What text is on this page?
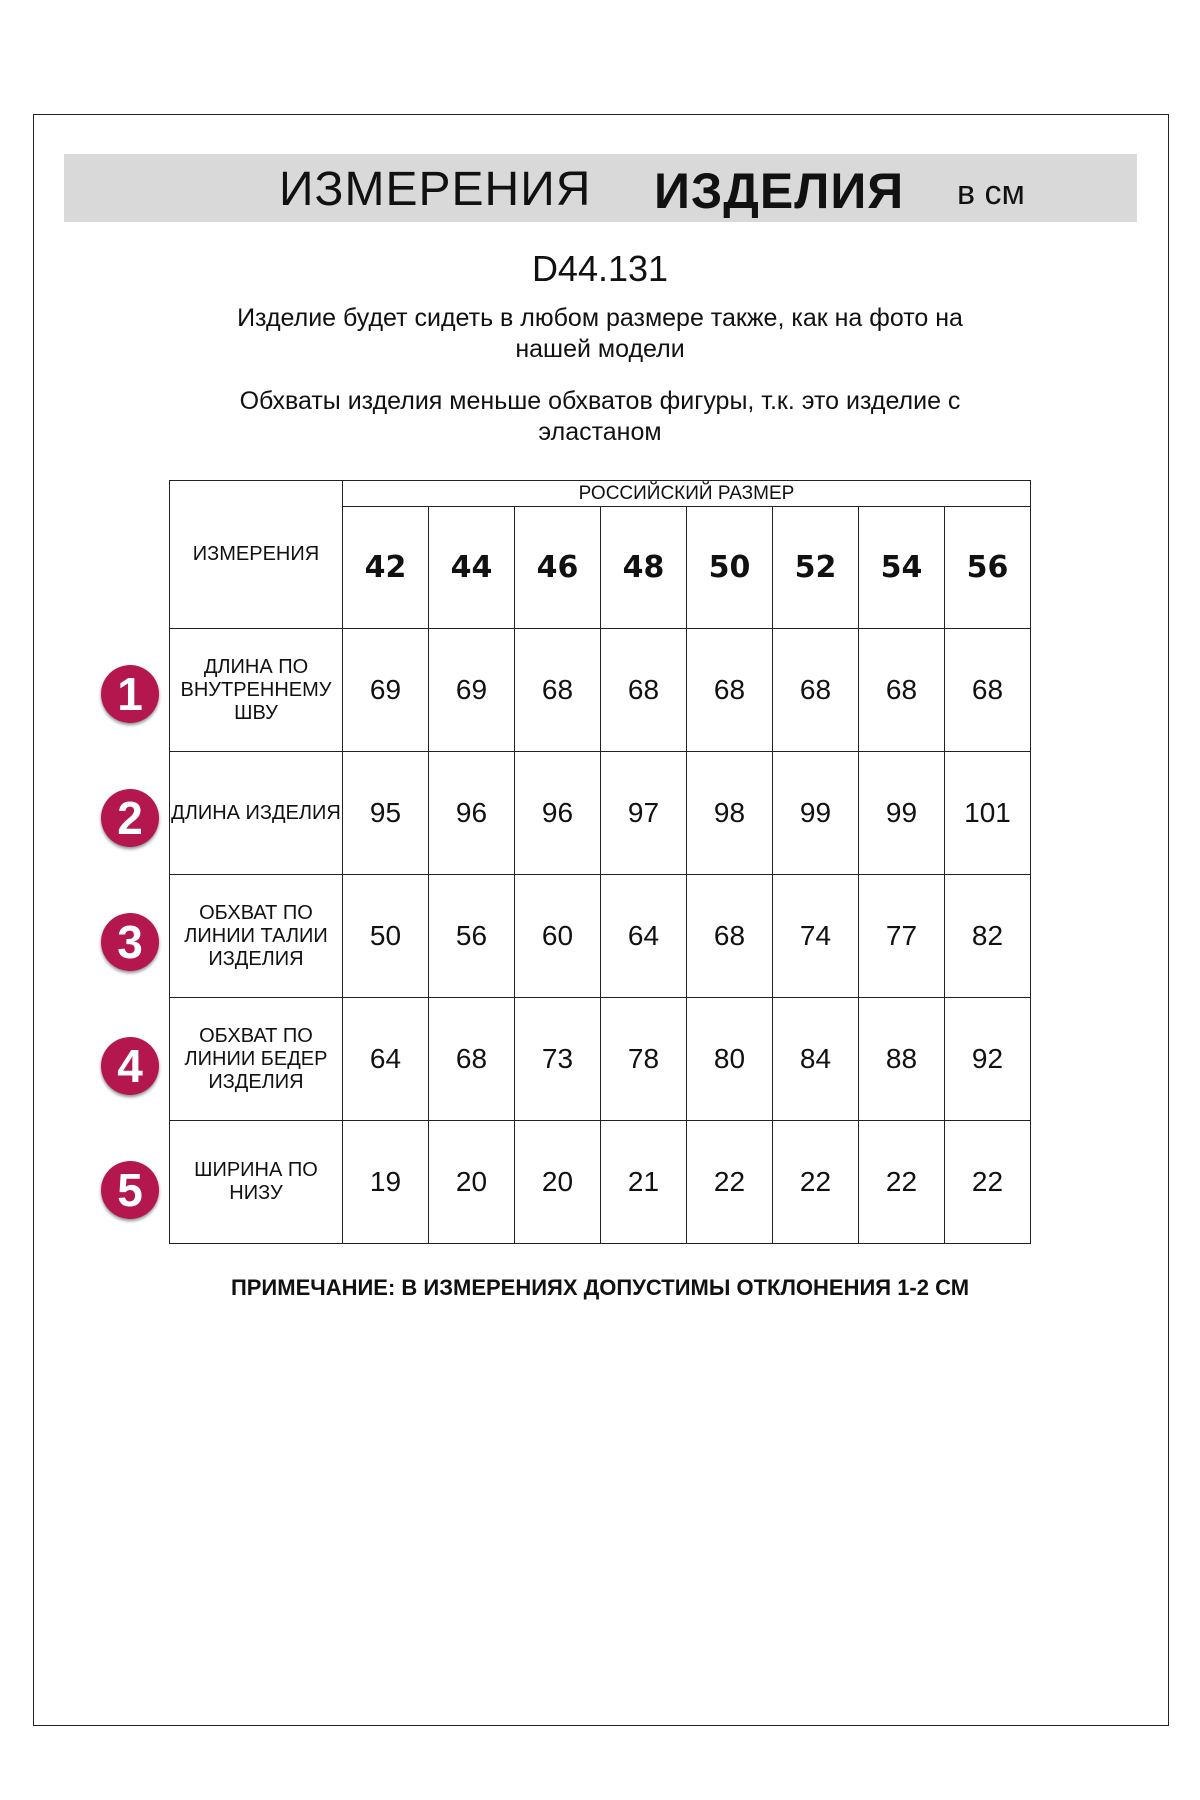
ИЗМЕРЕНИЯ ИЗДЕЛИЯ в см
D44.131
Изделие будет сидеть в любом размере также, как на фото на нашей модели
Обхваты изделия меньше обхватов фигуры, т.к. это изделие с эластаном
ИЗМЕРЕНИЯ	РОССИЙСКИЙ РАЗМЕР							
	42	44	46	48	50	52	54	56
ДЛИНА ПО ВНУТРЕННЕМУ ШВУ	69	69	68	68	68	68	68	68
ДЛИНА ИЗДЕЛИЯ	95	96	96	97	98	99	99	101
ОБХВАТ ПО ЛИНИИ ТАЛИИ ИЗДЕЛИЯ	50	56	60	64	68	74	77	82
ОБХВАТ ПО ЛИНИИ БЕДЕР ИЗДЕЛИЯ	64	68	73	78	80	84	88	92
ШИРИНА ПО НИЗУ	19	20	20	21	22	22	22	22
1
2
3
4
5
ПРИМЕЧАНИЕ: В ИЗМЕРЕНИЯХ ДОПУСТИМЫ ОТКЛОНЕНИЯ 1-2 СМ
